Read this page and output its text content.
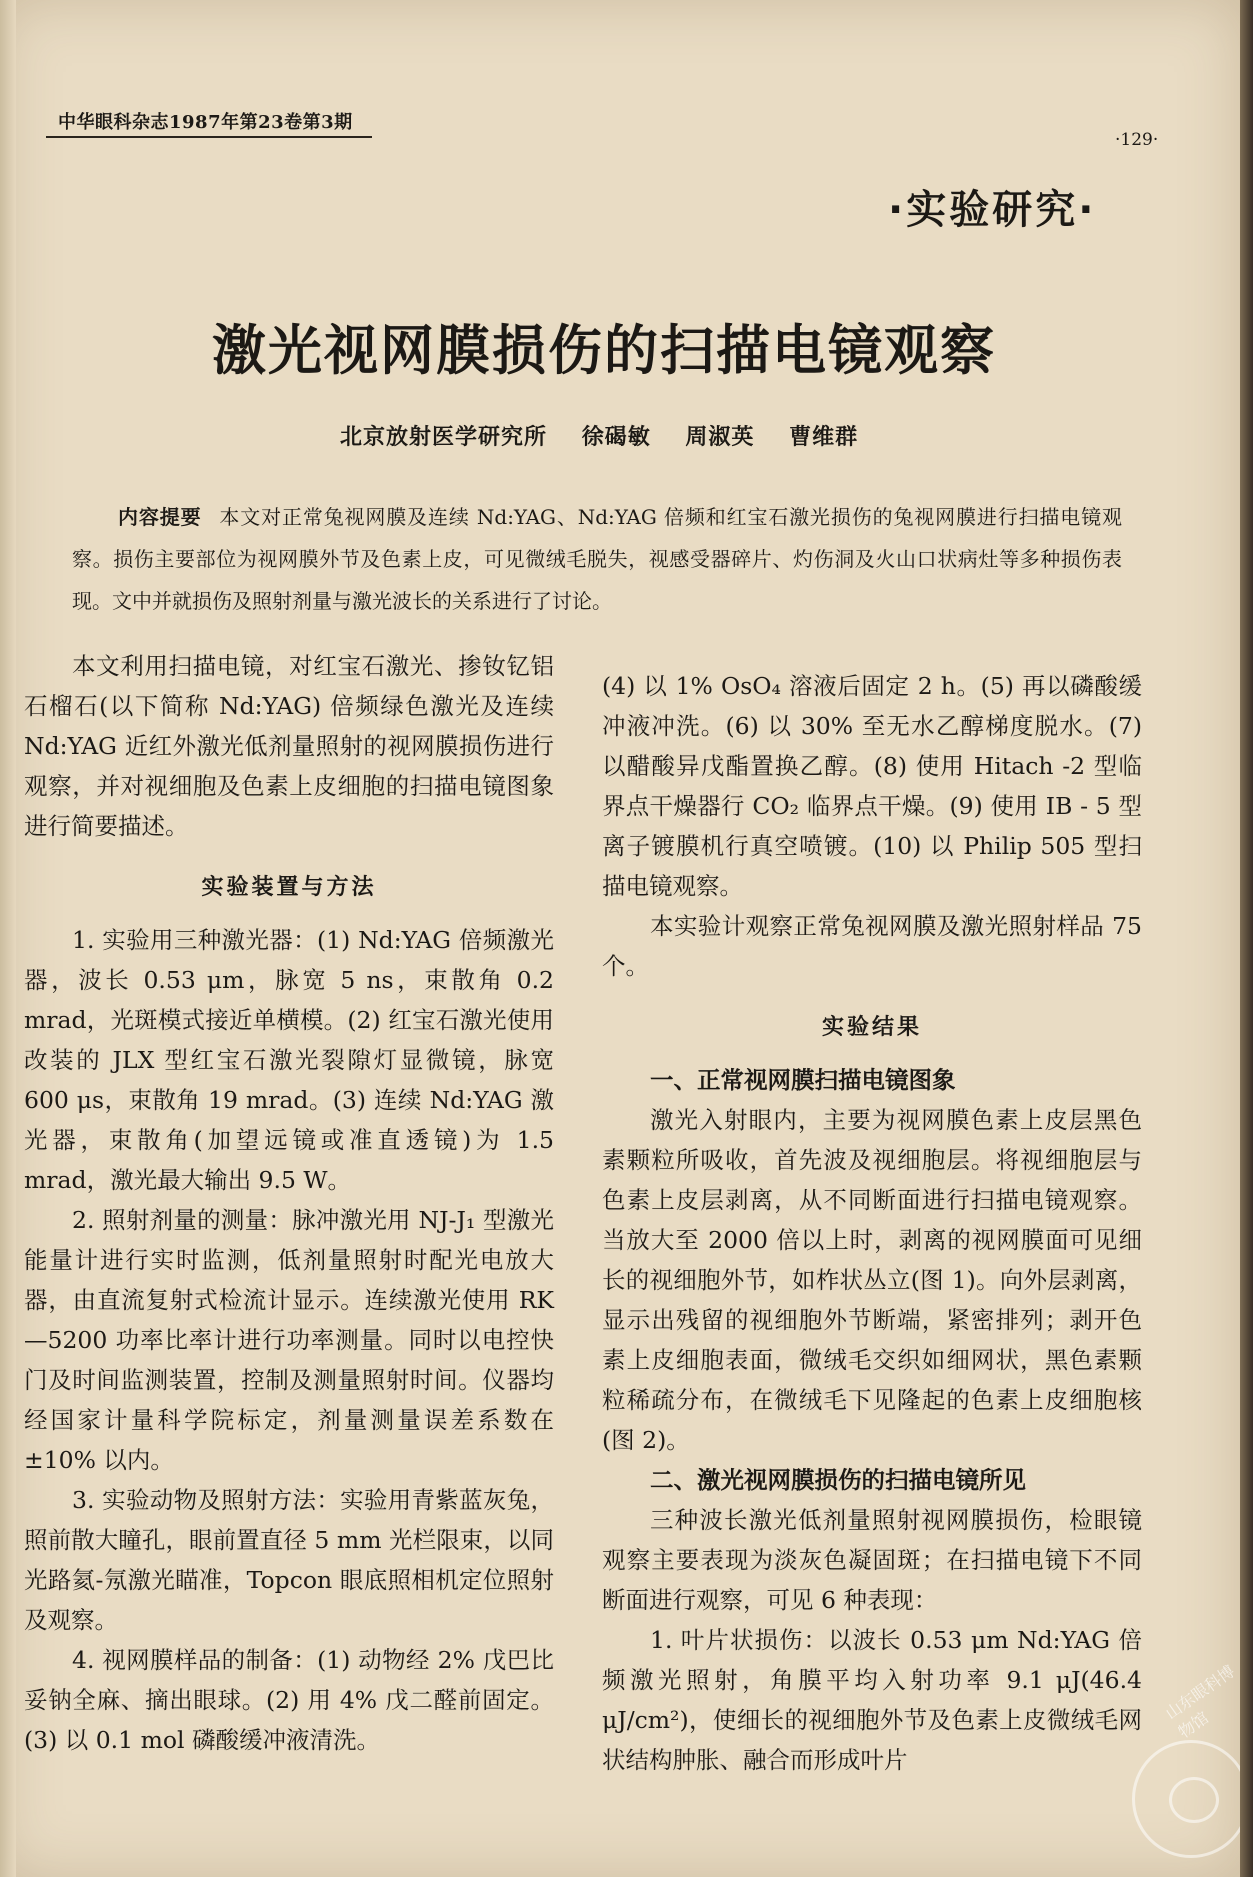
中华眼科杂志1987年第23卷第3期
·129·
·实验研究·
激光视网膜损伤的扫描电镜观察
北京放射医学研究所 徐碣敏 周淑英 曹维群
内容提要 本文对正常兔视网膜及连续 Nd:YAG、Nd:YAG 倍频和红宝石激光损伤的兔视网膜进行扫描电镜观察。损伤主要部位为视网膜外节及色素上皮，可见微绒毛脱失，视感受器碎片、灼伤洞及火山口状病灶等多种损伤表现。文中并就损伤及照射剂量与激光波长的关系进行了讨论。

本文利用扫描电镜，对红宝石激光、掺钕钇铝石榴石(以下简称 Nd:YAG) 倍频绿色激光及连续 Nd:YAG 近红外激光低剂量照射的视网膜损伤进行观察，并对视细胞及色素上皮细胞的扫描电镜图象进行简要描述。

实验装置与方法

1. 实验用三种激光器：(1) Nd:YAG 倍频激光器，波长 0.53 μm，脉宽 5 ns，束散角 0.2 mrad，光斑模式接近单横模。(2) 红宝石激光使用改装的 JLX 型红宝石激光裂隙灯显微镜，脉宽 600 μs，束散角 19 mrad。(3) 连续 Nd:YAG 激光器，束散角(加望远镜或准直透镜)为 1.5 mrad，激光最大输出 9.5 W。

2. 照射剂量的测量：脉冲激光用 NJ-J₁ 型激光能量计进行实时监测，低剂量照射时配光电放大器，由直流复射式检流计显示。连续激光使用 RK—5200 功率比率计进行功率测量。同时以电控快门及时间监测装置，控制及测量照射时间。仪器均经国家计量科学院标定，剂量测量误差系数在 ±10% 以内。

3. 实验动物及照射方法：实验用青紫蓝灰兔，照前散大瞳孔，眼前置直径 5 mm 光栏限束，以同光路氦-氖激光瞄准，Topcon 眼底照相机定位照射及观察。

4. 视网膜样品的制备：(1) 动物经 2% 戊巴比妥钠全麻、摘出眼球。(2) 用 4% 戊二醛前固定。(3) 以 0.1 mol 磷酸缓冲液清洗。

(4) 以 1% OsO₄ 溶液后固定 2 h。(5) 再以磷酸缓冲液冲洗。(6) 以 30% 至无水乙醇梯度脱水。(7) 以醋酸异戊酯置换乙醇。(8) 使用 Hitach -2 型临界点干燥器行 CO₂ 临界点干燥。(9) 使用 IB - 5 型离子镀膜机行真空喷镀。(10) 以 Philip 505 型扫描电镜观察。

本实验计观察正常兔视网膜及激光照射样品 75 个。

实验结果

一、正常视网膜扫描电镜图象

激光入射眼内，主要为视网膜色素上皮层黑色素颗粒所吸收，首先波及视细胞层。将视细胞层与色素上皮层剥离，从不同断面进行扫描电镜观察。当放大至 2000 倍以上时，剥离的视网膜面可见细长的视细胞外节，如柞状丛立(图 1)。向外层剥离，显示出残留的视细胞外节断端，紧密排列；剥开色素上皮细胞表面，微绒毛交织如细网状，黑色素颗粒稀疏分布，在微绒毛下见隆起的色素上皮细胞核(图 2)。

二、激光视网膜损伤的扫描电镜所见

三种波长激光低剂量照射视网膜损伤，检眼镜观察主要表现为淡灰色凝固斑；在扫描电镜下不同断面进行观察，可见 6 种表现：

1. 叶片状损伤：以波长 0.53 μm Nd:YAG 倍频激光照射，角膜平均入射功率 9.1 μJ(46.4 μJ/cm²)，使细长的视细胞外节及色素上皮微绒毛网状结构肿胀、融合而形成叶片

山东眼科博物馆
